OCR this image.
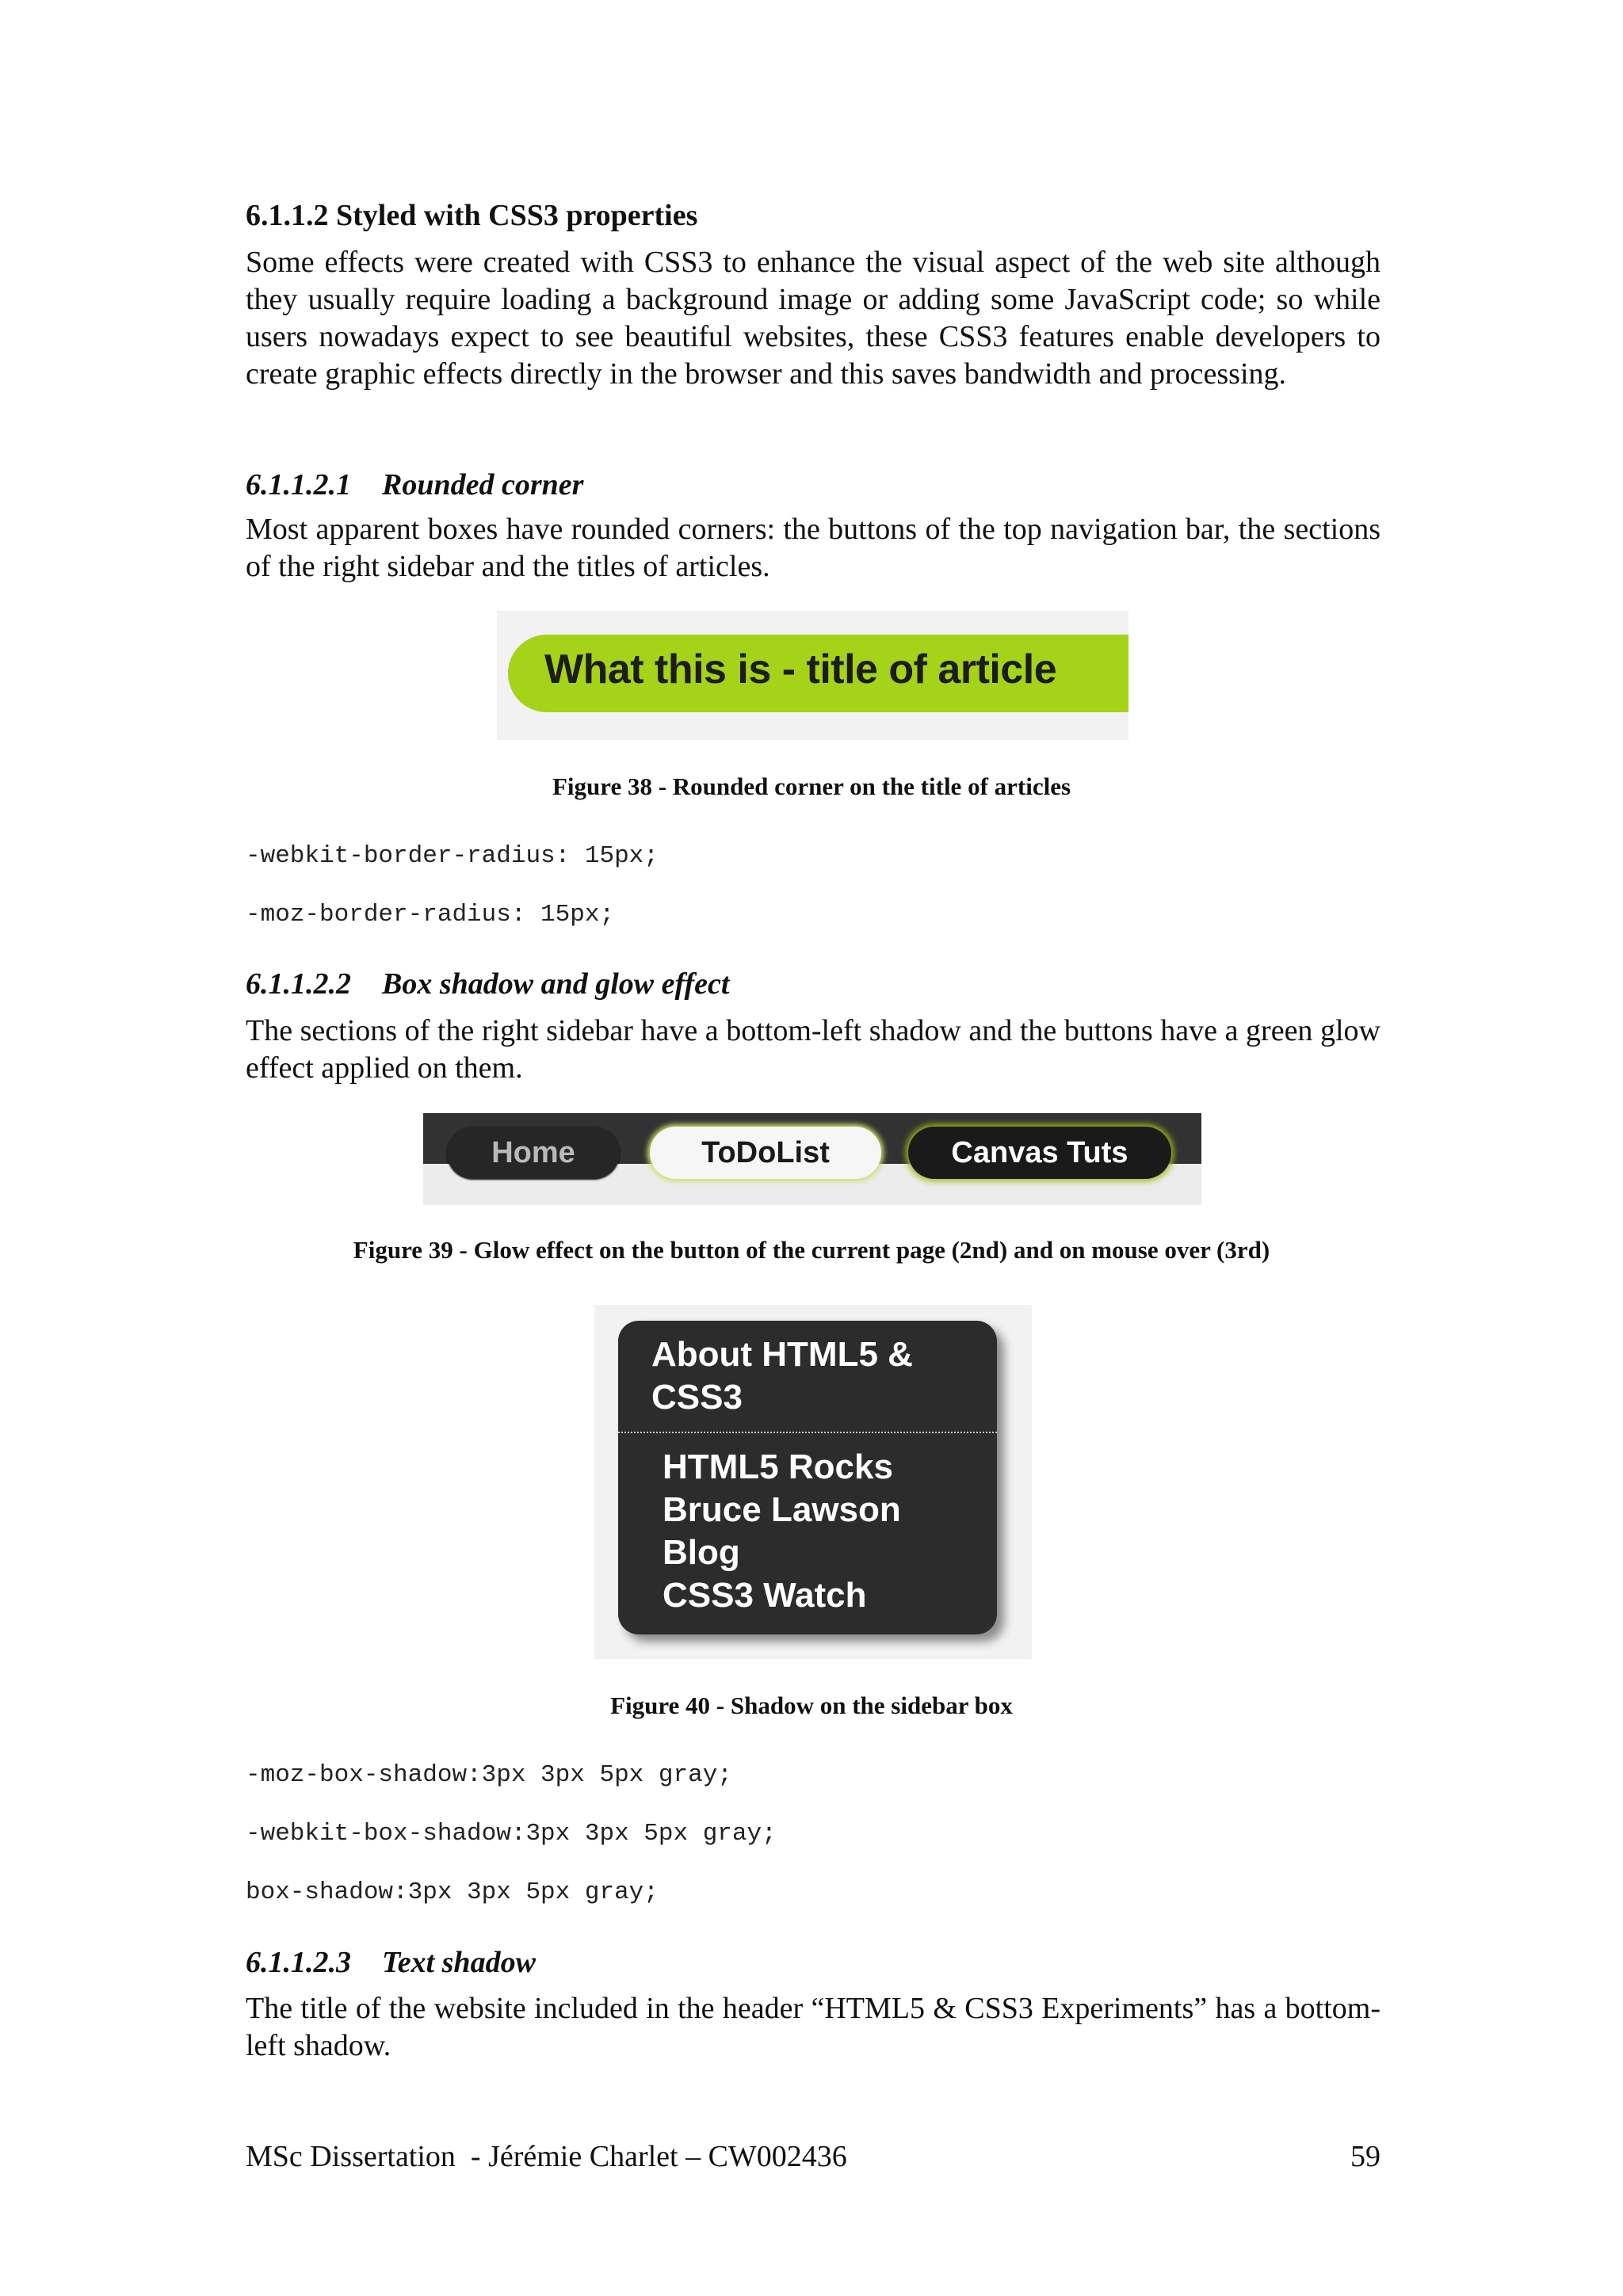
6.1.1.2 Styled with CSS3 properties

Some effects were created with CSS3 to enhance the visual aspect of the web site although they usually require loading a background image or adding some JavaScript code; so while users nowadays expect to see beautiful websites, these CSS3 features enable developers to create graphic effects directly in the browser and this saves bandwidth and processing.

6.1.1.2.1 Rounded corner

Most apparent boxes have rounded corners: the buttons of the top navigation bar, the sections of the right sidebar and the titles of articles.

What this is - title of article
Figure 38 - Rounded corner on the title of articles
-webkit-border-radius: 15px;
-moz-border-radius: 15px;
6.1.1.2.2 Box shadow and glow effect

The sections of the right sidebar have a bottom-left shadow and the buttons have a green glow effect applied on them.

Home	ToDoList	Canvas Tuts
Figure 39 - Glow effect on the button of the current page (2nd) and on mouse over (3rd)
About HTML5 &
CSS3
HTML5 Rocks
Bruce Lawson
Blog
CSS3 Watch
Figure 40 - Shadow on the sidebar box
-moz-box-shadow:3px 3px 5px gray;
-webkit-box-shadow:3px 3px 5px gray;
box-shadow:3px 3px 5px gray;
6.1.1.2.3 Text shadow

The title of the website included in the header “HTML5 & CSS3 Experiments” has a bottom-left shadow.

MSc Dissertation  - Jérémie Charlet – CW002436	59
